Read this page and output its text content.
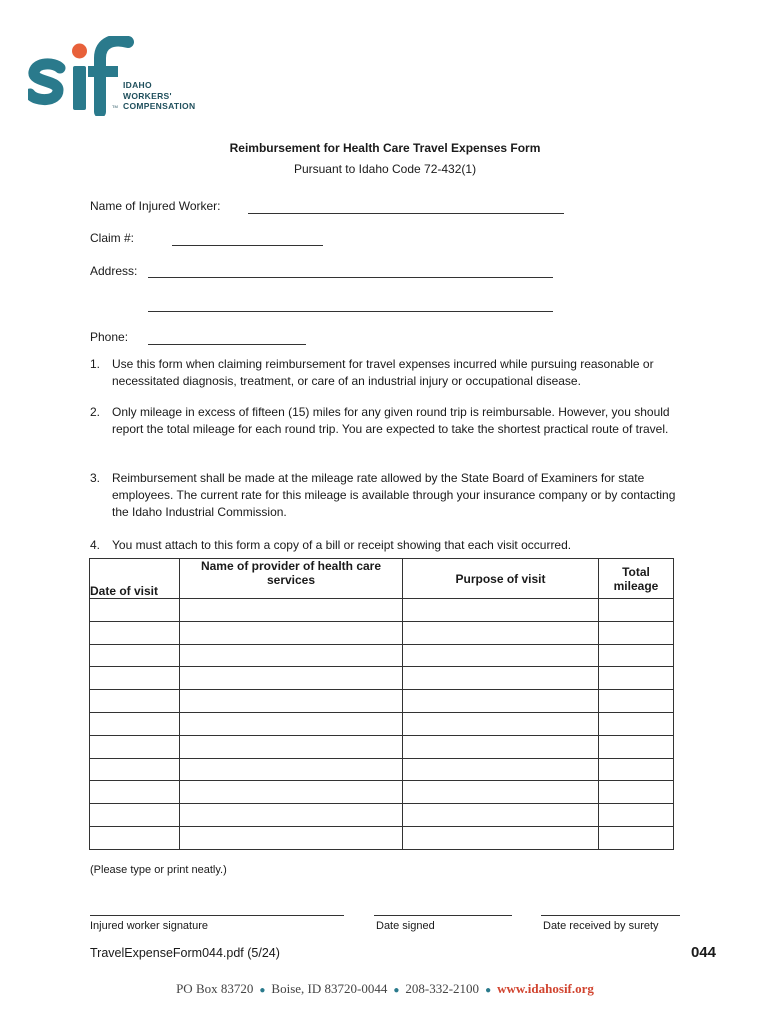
IDAHO
WORKERS'
COMPENSATION
TM
Reimbursement for Health Care Travel Expenses Form
Pursuant to Idaho Code 72-432(1)
Name of Injured Worker:
Claim #:
Address:
Phone:
1. Use this form when claiming reimbursement for travel expenses incurred while pursuing reasonable or necessitated diagnosis, treatment, or care of an industrial injury or occupational disease.
2. Only mileage in excess of fifteen (15) miles for any given round trip is reimbursable. However, you should report the total mileage for each round trip. You are expected to take the shortest practical route of travel.
3. Reimbursement shall be made at the mileage rate allowed by the State Board of Examiners for state employees. The current rate for this mileage is available through your insurance company or by contacting the Idaho Industrial Commission.
4. You must attach to this form a copy of a bill or receipt showing that each visit occurred.
Date of visit	Name of provider of health care services	Purpose of visit	Total mileage

(Please type or print neatly.)
Injured worker signature	Date signed	Date received by surety
TravelExpenseForm044.pdf (5/24)	044
PO Box 83720 ● Boise, ID 83720-0044 ● 208-332-2100 ● www.idahosif.org
